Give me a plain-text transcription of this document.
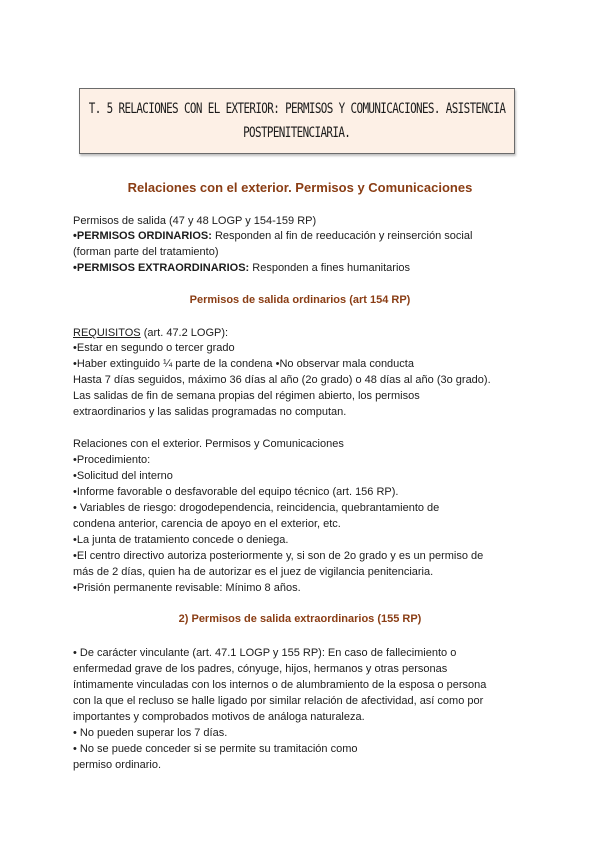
T. 5 RELACIONES CON EL EXTERIOR: PERMISOS Y COMUNICACIONES. ASISTENCIA
POSTPENITENCIARIA.
Relaciones con el exterior. Permisos y Comunicaciones
Permisos de salida (47 y 48 LOGP y 154-159 RP)
•PERMISOS ORDINARIOS: Responden al fin de reeducación y reinserción social
(forman parte del tratamiento)
•PERMISOS EXTRAORDINARIOS: Responden a fines humanitarios
Permisos de salida ordinarios (art 154 RP)
REQUISITOS (art. 47.2 LOGP):
•Estar en segundo o tercer grado
•Haber extinguido ¼ parte de la condena •No observar mala conducta
Hasta 7 días seguidos, máximo 36 días al año (2o grado) o 48 días al año (3o grado).
Las salidas de fin de semana propias del régimen abierto, los permisos
extraordinarios y las salidas programadas no computan.
Relaciones con el exterior. Permisos y Comunicaciones
•Procedimiento:
•Solicitud del interno
•Informe favorable o desfavorable del equipo técnico (art. 156 RP).
• Variables de riesgo: drogodependencia, reincidencia, quebrantamiento de
condena anterior, carencia de apoyo en el exterior, etc.
•La junta de tratamiento concede o deniega.
•El centro directivo autoriza posteriormente y, si son de 2o grado y es un permiso de
más de 2 días, quien ha de autorizar es el juez de vigilancia penitenciaria.
•Prisión permanente revisable: Mínimo 8 años.
2) Permisos de salida extraordinarios (155 RP)
• De carácter vinculante (art. 47.1 LOGP y 155 RP): En caso de fallecimiento o
enfermedad grave de los padres, cónyuge, hijos, hermanos y otras personas
íntimamente vinculadas con los internos o de alumbramiento de la esposa o persona
con la que el recluso se halle ligado por similar relación de afectividad, así como por
importantes y comprobados motivos de análoga naturaleza.
• No pueden superar los 7 días.
• No se puede conceder si se permite su tramitación como
permiso ordinario.
